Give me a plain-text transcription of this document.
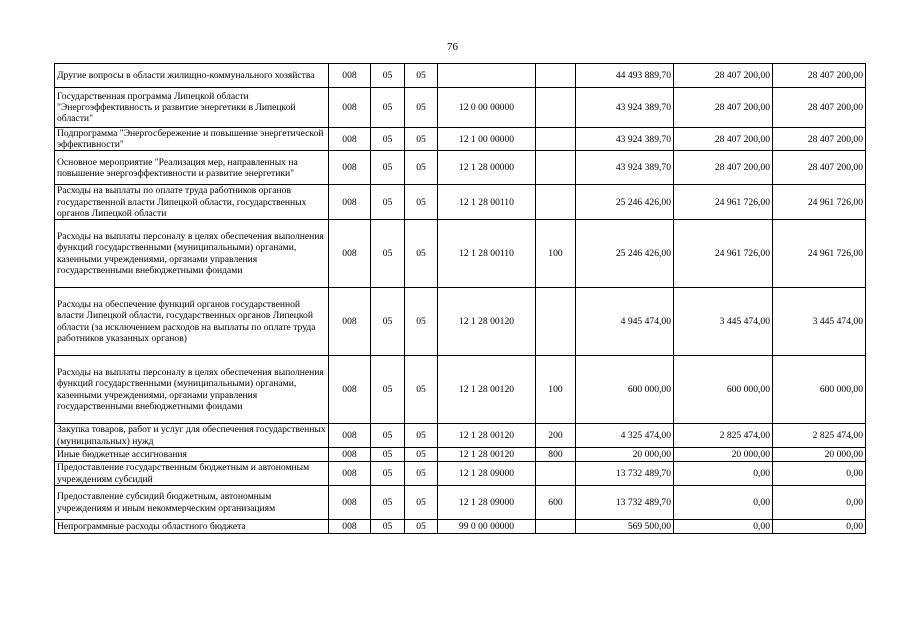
76
Другие вопросы в области жилищно-коммунального хозяйства	008	05	05			44 493 889,70	28 407 200,00	28 407 200,00
Государственная программа Липецкой области "Энергоэффективность и развитие энергетики в Липецкой области"	008	05	05	12 0 00 00000		43 924 389,70	28 407 200,00	28 407 200,00
Подпрограмма "Энергосбережение и повышение энергетической эффективности"	008	05	05	12 1 00 00000		43 924 389,70	28 407 200,00	28 407 200,00
Основное мероприятие "Реализация мер, направленных на повышение энергоэффективности и развитие энергетики"	008	05	05	12 1 28 00000		43 924 389,70	28 407 200,00	28 407 200,00
Расходы на выплаты по оплате труда работников органов государственной власти Липецкой области, государственных органов Липецкой области	008	05	05	12 1 28 00110		25 246 426,00	24 961 726,00	24 961 726,00
Расходы на выплаты персоналу в целях обеспечения выполнения функций государственными (муниципальными) органами, казенными учреждениями, органами управления государственными внебюджетными фондами	008	05	05	12 1 28 00110	100	25 246 426,00	24 961 726,00	24 961 726,00
Расходы на обеспечение функций органов государственной власти Липецкой области, государственных органов Липецкой области (за исключением расходов на выплаты по оплате труда работников указанных органов)	008	05	05	12 1 28 00120		4 945 474,00	3 445 474,00	3 445 474,00
Расходы на выплаты персоналу в целях обеспечения выполнения функций государственными (муниципальными) органами, казенными учреждениями, органами управления государственными внебюджетными фондами	008	05	05	12 1 28 00120	100	600 000,00	600 000,00	600 000,00
Закупка товаров, работ и услуг для обеспечения государственных (муниципальных) нужд	008	05	05	12 1 28 00120	200	4 325 474,00	2 825 474,00	2 825 474,00
Иные бюджетные ассигнования	008	05	05	12 1 28 00120	800	20 000,00	20 000,00	20 000,00
Предоставление государственным бюджетным и автономным учреждениям субсидий	008	05	05	12 1 28 09000		13 732 489,70	0,00	0,00
Предоставление субсидий бюджетным, автономным учреждениям и иным некоммерческим организациям	008	05	05	12 1 28 09000	600	13 732 489,70	0,00	0,00
Непрограммные расходы областного бюджета	008	05	05	99 0 00 00000		569 500,00	0,00	0,00
